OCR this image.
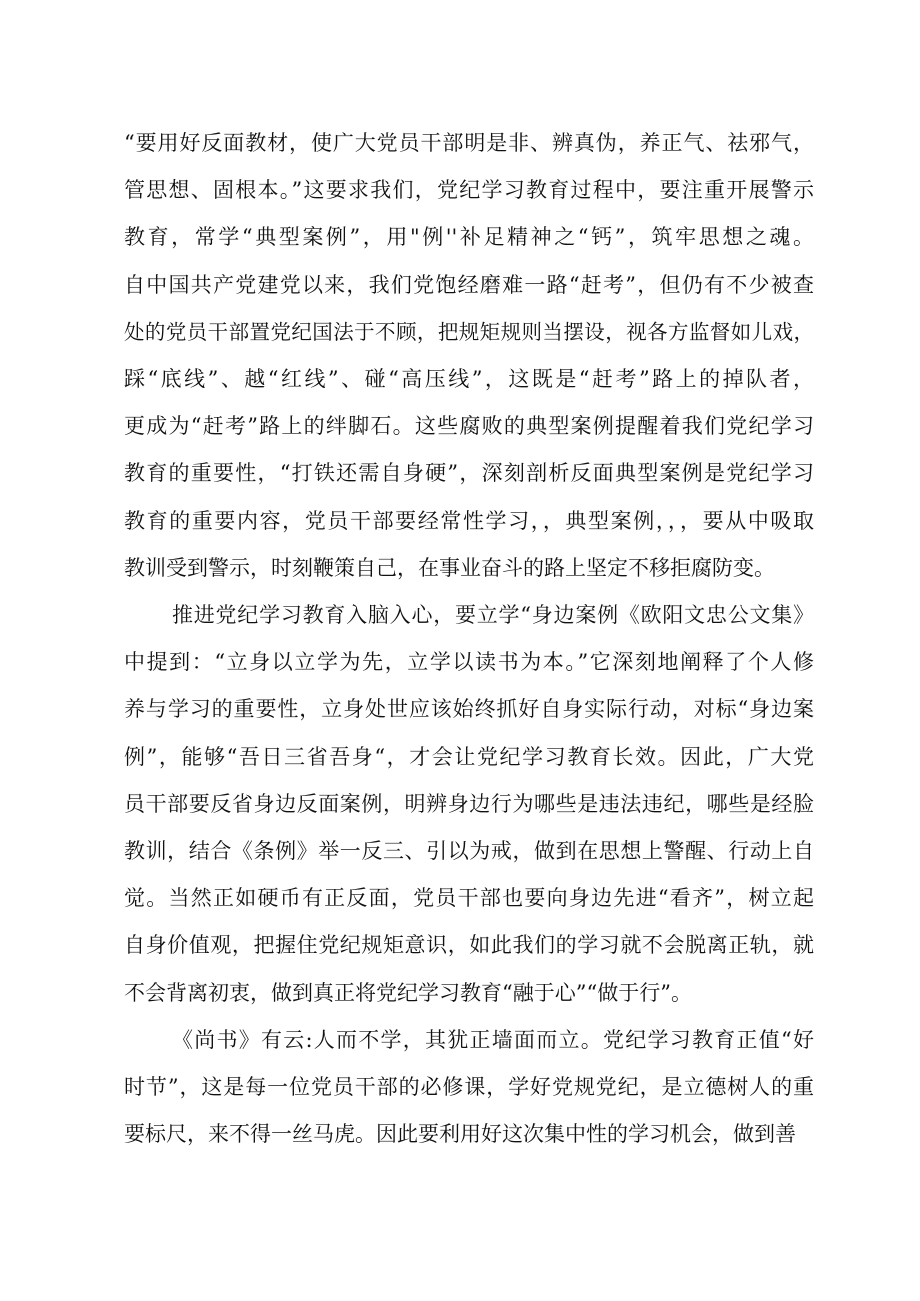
“要用好反面教材，使广大党员干部明是非、辨真伪，养正气、祛邪气，
管思想、固根本。”这要求我们，党纪学习教育过程中，要注重开展警示
教育，常学“典型案例”，用"例''补足精神之“钙”，筑牢思想之魂。
自中国共产党建党以来，我们党饱经磨难一路“赶考”，但仍有不少被查
处的党员干部置党纪国法于不顾，把规矩规则当摆设，视各方监督如儿戏，
踩“底线”、越“红线”、碰“高压线”，这既是“赶考”路上的掉队者，
更成为“赶考”路上的绊脚石。这些腐败的典型案例提醒着我们党纪学习
教育的重要性，“打铁还需自身硬”，深刻剖析反面典型案例是党纪学习
教育的重要内容，党员干部要经常性学习，，典型案例，，，要从中吸取
教训受到警示，时刻鞭策自己，在事业奋斗的路上坚定不移拒腐防变。
推进党纪学习教育入脑入心，要立学“身边案例《欧阳文忠公文集》
中提到：“立身以立学为先，立学以读书为本。”它深刻地阐释了个人修
养与学习的重要性，立身处世应该始终抓好自身实际行动，对标“身边案
例”，能够“吾日三省吾身“，才会让党纪学习教育长效。因此，广大党
员干部要反省身边反面案例，明辨身边行为哪些是违法违纪，哪些是经脸
教训，结合《条例》举一反三、引以为戒，做到在思想上警醒、行动上自
觉。当然正如硬币有正反面，党员干部也要向身边先进“看齐”，树立起
自身价值观，把握住党纪规矩意识，如此我们的学习就不会脱离正轨，就
不会背离初衷，做到真正将党纪学习教育“融于心”“做于行”。
《尚书》有云:人而不学，其犹正墙面而立。党纪学习教育正值“好
时节”，这是每一位党员干部的必修课，学好党规党纪，是立德树人的重
要标尺，来不得一丝马虎。因此要利用好这次集中性的学习机会，做到善
